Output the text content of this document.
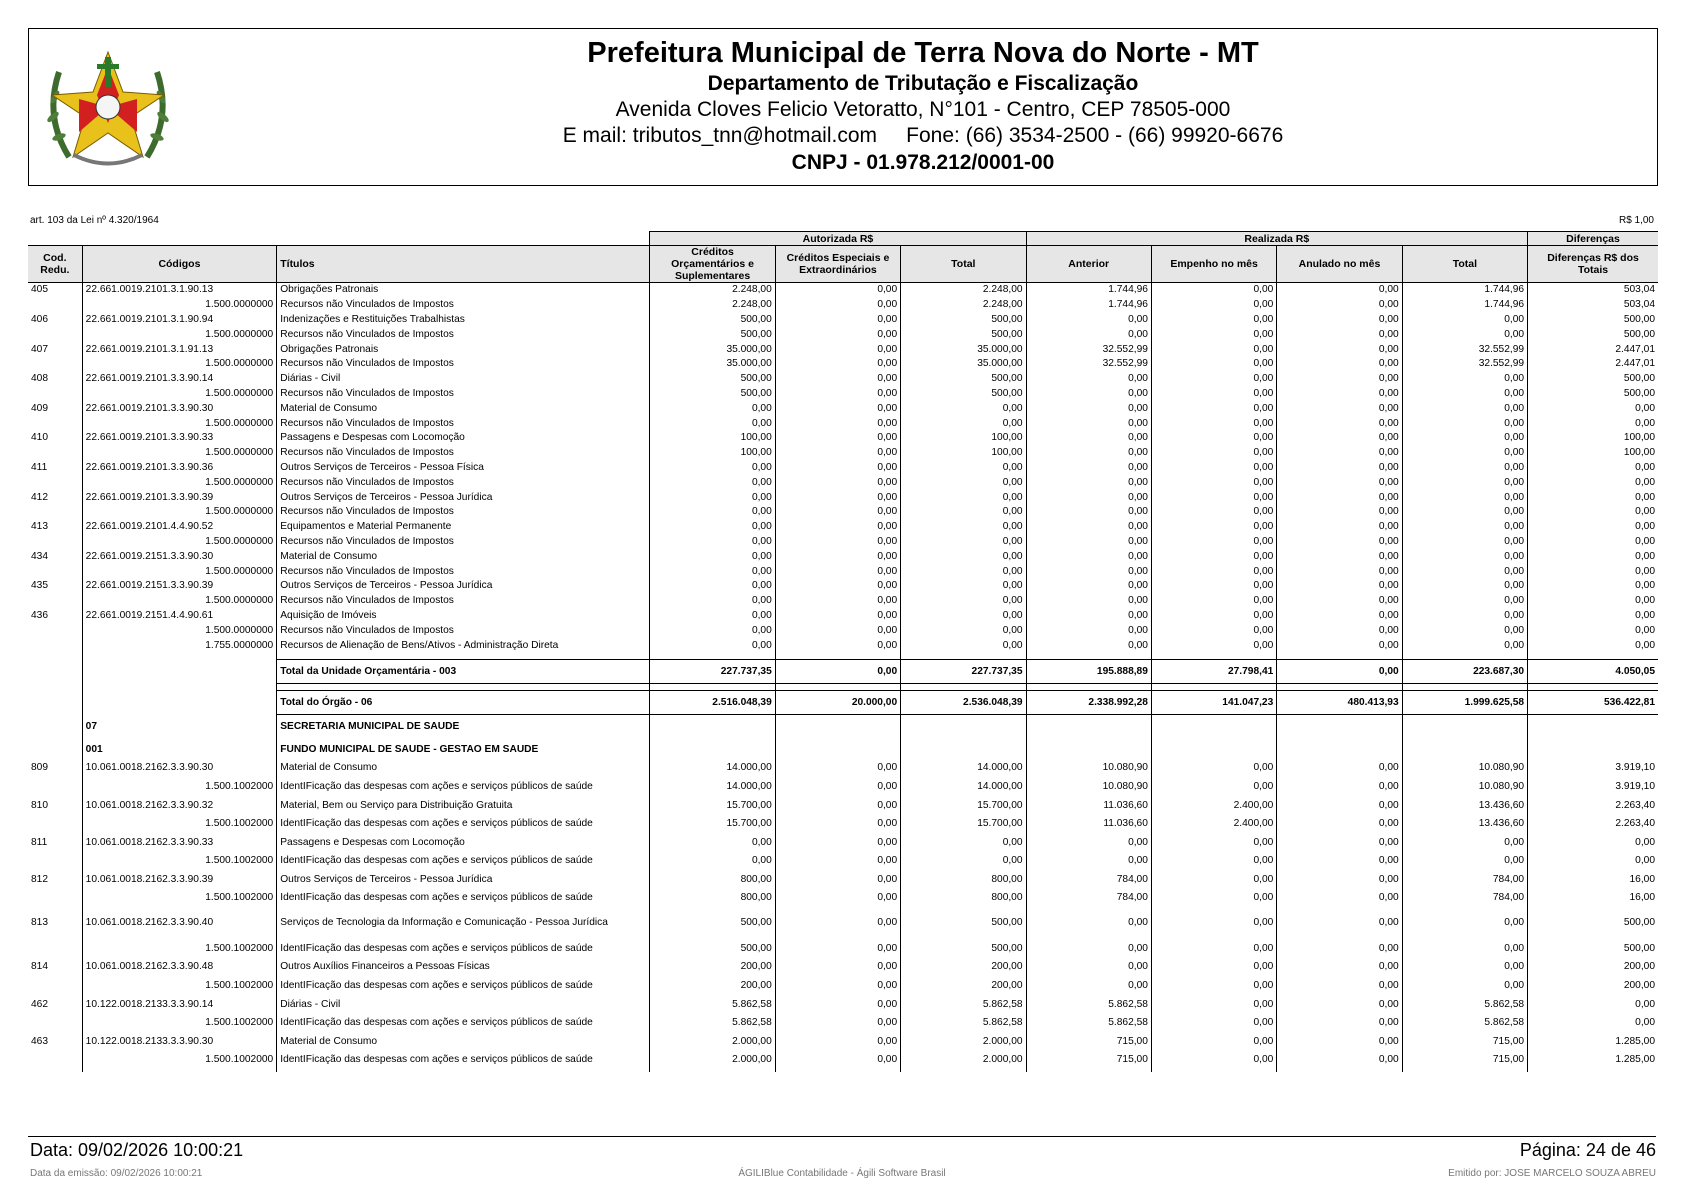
Prefeitura Municipal de Terra Nova do Norte - MT
Departamento de Tributação e Fiscalização
Avenida Cloves Felicio Vetoratto, N°101 - Centro, CEP 78505-000
E mail: tributos_tnn@hotmail.com     Fone: (66) 3534-2500 - (66) 99920-6676
CNPJ - 01.978.212/0001-00
art. 103 da Lei nº 4.320/1964	R$ 1,00
			Autorizada R$			Realizada R$				Diferenças
Cod. Redu.	Códigos	Títulos	Créditos Orçamentários e Suplementares	Créditos Especiais e Extraordinários	Total	Anterior	Empenho no mês	Anulado no mês	Total	Diferenças R$ dos Totais
405	22.661.0019.2101.3.1.90.13	Obrigações Patronais	2.248,00	0,00	2.248,00	1.744,96	0,00	0,00	1.744,96	503,04
	1.500.0000000	Recursos não Vinculados de Impostos	2.248,00	0,00	2.248,00	1.744,96	0,00	0,00	1.744,96	503,04
406	22.661.0019.2101.3.1.90.94	Indenizações e Restituições Trabalhistas	500,00	0,00	500,00	0,00	0,00	0,00	0,00	500,00
	1.500.0000000	Recursos não Vinculados de Impostos	500,00	0,00	500,00	0,00	0,00	0,00	0,00	500,00
407	22.661.0019.2101.3.1.91.13	Obrigações Patronais	35.000,00	0,00	35.000,00	32.552,99	0,00	0,00	32.552,99	2.447,01
	1.500.0000000	Recursos não Vinculados de Impostos	35.000,00	0,00	35.000,00	32.552,99	0,00	0,00	32.552,99	2.447,01
408	22.661.0019.2101.3.3.90.14	Diárias - Civil	500,00	0,00	500,00	0,00	0,00	0,00	0,00	500,00
	1.500.0000000	Recursos não Vinculados de Impostos	500,00	0,00	500,00	0,00	0,00	0,00	0,00	500,00
409	22.661.0019.2101.3.3.90.30	Material de Consumo	0,00	0,00	0,00	0,00	0,00	0,00	0,00	0,00
	1.500.0000000	Recursos não Vinculados de Impostos	0,00	0,00	0,00	0,00	0,00	0,00	0,00	0,00
410	22.661.0019.2101.3.3.90.33	Passagens e Despesas com Locomoção	100,00	0,00	100,00	0,00	0,00	0,00	0,00	100,00
	1.500.0000000	Recursos não Vinculados de Impostos	100,00	0,00	100,00	0,00	0,00	0,00	0,00	100,00
411	22.661.0019.2101.3.3.90.36	Outros Serviços de Terceiros - Pessoa Física	0,00	0,00	0,00	0,00	0,00	0,00	0,00	0,00
	1.500.0000000	Recursos não Vinculados de Impostos	0,00	0,00	0,00	0,00	0,00	0,00	0,00	0,00
412	22.661.0019.2101.3.3.90.39	Outros Serviços de Terceiros - Pessoa Jurídica	0,00	0,00	0,00	0,00	0,00	0,00	0,00	0,00
	1.500.0000000	Recursos não Vinculados de Impostos	0,00	0,00	0,00	0,00	0,00	0,00	0,00	0,00
413	22.661.0019.2101.4.4.90.52	Equipamentos e Material Permanente	0,00	0,00	0,00	0,00	0,00	0,00	0,00	0,00
	1.500.0000000	Recursos não Vinculados de Impostos	0,00	0,00	0,00	0,00	0,00	0,00	0,00	0,00
434	22.661.0019.2151.3.3.90.30	Material de Consumo	0,00	0,00	0,00	0,00	0,00	0,00	0,00	0,00
	1.500.0000000	Recursos não Vinculados de Impostos	0,00	0,00	0,00	0,00	0,00	0,00	0,00	0,00
435	22.661.0019.2151.3.3.90.39	Outros Serviços de Terceiros - Pessoa Jurídica	0,00	0,00	0,00	0,00	0,00	0,00	0,00	0,00
	1.500.0000000	Recursos não Vinculados de Impostos	0,00	0,00	0,00	0,00	0,00	0,00	0,00	0,00
436	22.661.0019.2151.4.4.90.61	Aquisição de Imóveis	0,00	0,00	0,00	0,00	0,00	0,00	0,00	0,00
	1.500.0000000	Recursos não Vinculados de Impostos	0,00	0,00	0,00	0,00	0,00	0,00	0,00	0,00
	1.755.0000000	Recursos de Alienação de Bens/Ativos - Administração Direta	0,00	0,00	0,00	0,00	0,00	0,00	0,00	0,00

		Total da Unidade Orçamentária - 003	227.737,35	0,00	227.737,35	195.888,89	27.798,41	0,00	223.687,30	4.050,05

		Total do Órgão - 06	2.516.048,39	20.000,00	2.536.048,39	2.338.992,28	141.047,23	480.413,93	1.999.625,58	536.422,81
	07	SECRETARIA MUNICIPAL DE SAUDE								
	001	FUNDO MUNICIPAL DE SAUDE - GESTAO EM SAUDE								
809	10.061.0018.2162.3.3.90.30	Material de Consumo	14.000,00	0,00	14.000,00	10.080,90	0,00	0,00	10.080,90	3.919,10
	1.500.1002000	IdentIFicação das despesas com ações e serviços públicos de saúde	14.000,00	0,00	14.000,00	10.080,90	0,00	0,00	10.080,90	3.919,10
810	10.061.0018.2162.3.3.90.32	Material, Bem ou Serviço para Distribuição Gratuita	15.700,00	0,00	15.700,00	11.036,60	2.400,00	0,00	13.436,60	2.263,40
	1.500.1002000	IdentIFicação das despesas com ações e serviços públicos de saúde	15.700,00	0,00	15.700,00	11.036,60	2.400,00	0,00	13.436,60	2.263,40
811	10.061.0018.2162.3.3.90.33	Passagens e Despesas com Locomoção	0,00	0,00	0,00	0,00	0,00	0,00	0,00	0,00
	1.500.1002000	IdentIFicação das despesas com ações e serviços públicos de saúde	0,00	0,00	0,00	0,00	0,00	0,00	0,00	0,00
812	10.061.0018.2162.3.3.90.39	Outros Serviços de Terceiros - Pessoa Jurídica	800,00	0,00	800,00	784,00	0,00	0,00	784,00	16,00
	1.500.1002000	IdentIFicação das despesas com ações e serviços públicos de saúde	800,00	0,00	800,00	784,00	0,00	0,00	784,00	16,00
813	10.061.0018.2162.3.3.90.40	Serviços de Tecnologia da Informação e Comunicação - Pessoa Jurídica	500,00	0,00	500,00	0,00	0,00	0,00	0,00	500,00
	1.500.1002000	IdentIFicação das despesas com ações e serviços públicos de saúde	500,00	0,00	500,00	0,00	0,00	0,00	0,00	500,00
814	10.061.0018.2162.3.3.90.48	Outros Auxílios Financeiros a Pessoas Físicas	200,00	0,00	200,00	0,00	0,00	0,00	0,00	200,00
	1.500.1002000	IdentIFicação das despesas com ações e serviços públicos de saúde	200,00	0,00	200,00	0,00	0,00	0,00	0,00	200,00
462	10.122.0018.2133.3.3.90.14	Diárias - Civil	5.862,58	0,00	5.862,58	5.862,58	0,00	0,00	5.862,58	0,00
	1.500.1002000	IdentIFicação das despesas com ações e serviços públicos de saúde	5.862,58	0,00	5.862,58	5.862,58	0,00	0,00	5.862,58	0,00
463	10.122.0018.2133.3.3.90.30	Material de Consumo	2.000,00	0,00	2.000,00	715,00	0,00	0,00	715,00	1.285,00
	1.500.1002000	IdentIFicação das despesas com ações e serviços públicos de saúde	2.000,00	0,00	2.000,00	715,00	0,00	0,00	715,00	1.285,00
Data: 09/02/2026 10:00:21	Página: 24 de 46
Data da emissão: 09/02/2026 10:00:21	ÁGILIBlue Contabilidade - Ágili Software Brasil	Emitido por: JOSE MARCELO SOUZA ABREU
